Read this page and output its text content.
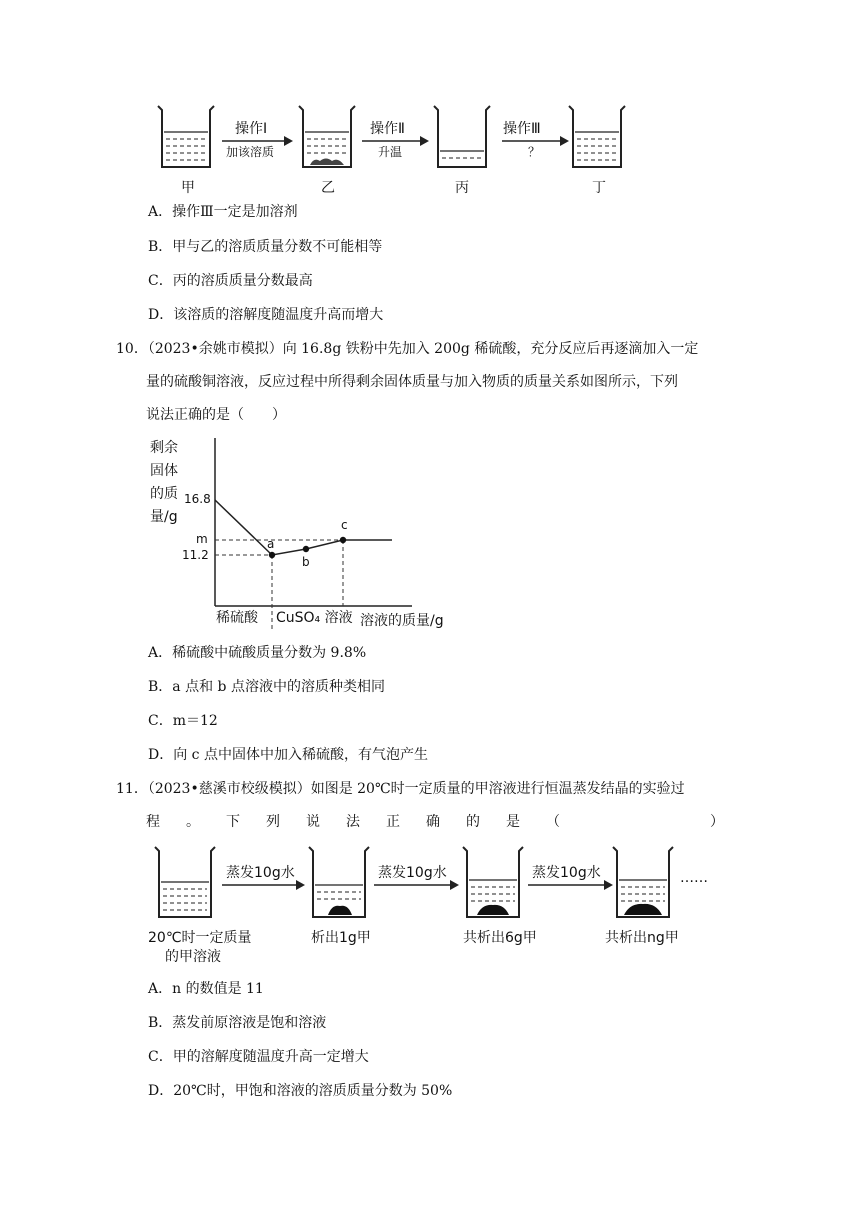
操作Ⅰ
加该溶质
操作Ⅱ
升温
操作Ⅲ
？
甲	乙	丙	丁
A．操作Ⅲ一定是加溶剂
B．甲与乙的溶质质量分数不可能相等
C．丙的溶质质量分数最高
D．该溶质的溶解度随温度升高而增大
10．（2023•余姚市模拟）向 16.8g 铁粉中先加入 200g 稀硫酸，充分反应后再逐滴加入一定
量的硫酸铜溶液，反应过程中所得剩余固体质量与加入物质的质量关系如图所示，下列
说法正确的是（　　）
剩余
固体
的质
量/g
16.8
m
11.2
a
b
c
稀硫酸 CuSO₄ 溶液 溶液的质量/g
A．稀硫酸中硫酸质量分数为 9.8%
B．a 点和 b 点溶液中的溶质种类相同
C．m＝12
D．向 c 点中固体中加入稀硫酸，有气泡产生
11．（2023•慈溪市校级模拟）如图是 20℃时一定质量的甲溶液进行恒温蒸发结晶的实验过
程 。 下 列 说 法 正 确 的 是 （	）
蒸发10g水	蒸发10g水	蒸发10g水	……
20℃时一定质量
的甲溶液
析出1g甲	共析出6g甲	共析出ng甲
A．n 的数值是 11
B．蒸发前原溶液是饱和溶液
C．甲的溶解度随温度升高一定增大
D．20℃时，甲饱和溶液的溶质质量分数为 50%
